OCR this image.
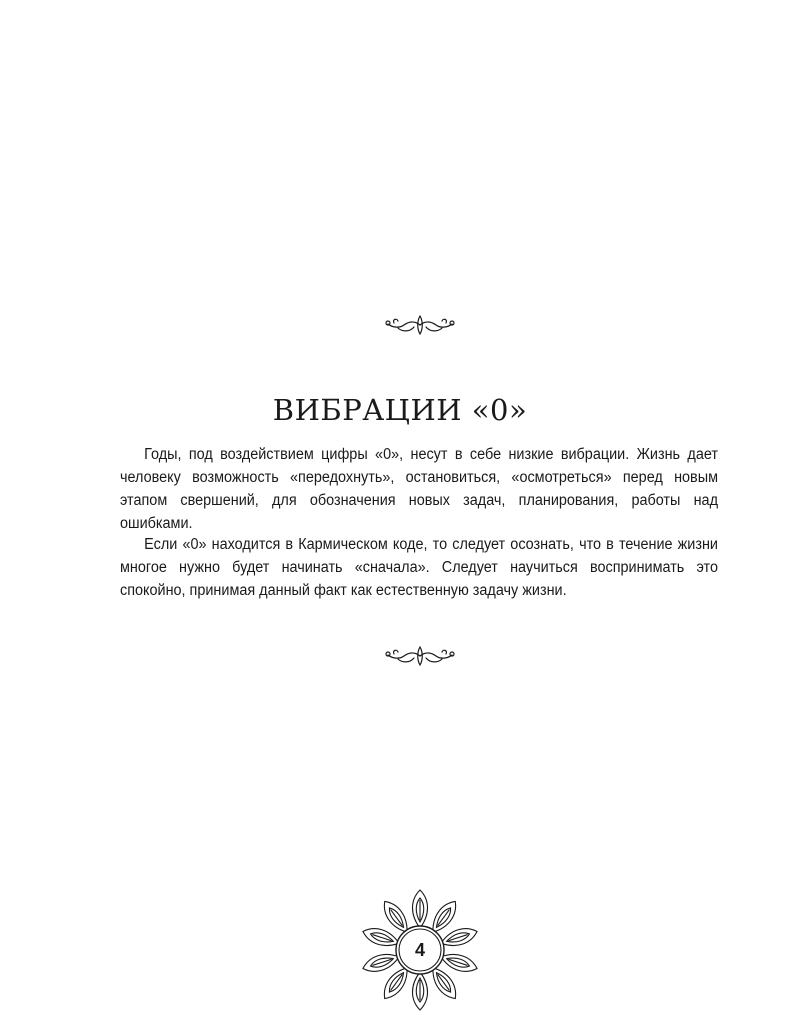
ВИБРАЦИИ «0»
Годы, под воздействием цифры «0», несут в себе низкие вибрации. Жизнь дает человеку возможность «передохнуть», остановиться, «осмотреться» перед новым этапом свершений, для обозначения новых задач, планирования, работы над ошибками.
Если «0» находится в Кармическом коде, то следует осознать, что в течение жизни многое нужно будет начинать «сначала». Следует научиться воспринимать это спокойно, принимая данный факт как естественную задачу жизни.
4
